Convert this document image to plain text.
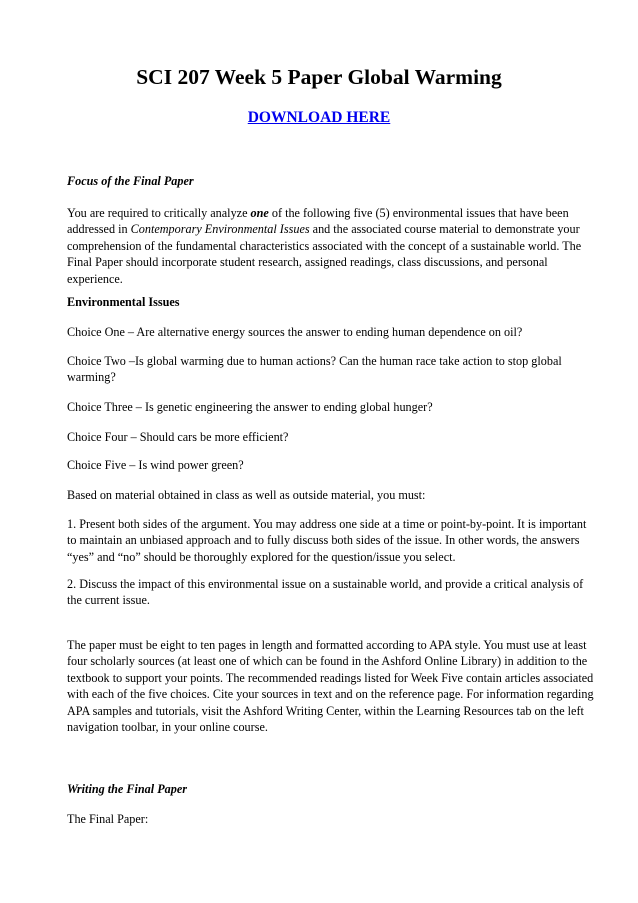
SCI 207 Week 5 Paper Global Warming
DOWNLOAD HERE

Focus of the Final Paper

You are required to critically analyze one of the following five (5) environmental issues that have been addressed in Contemporary Environmental Issues and the associated course material to demonstrate your comprehension of the fundamental characteristics associated with the concept of a sustainable world. The Final Paper should incorporate student research, assigned readings, class discussions, and personal experience.

Environmental Issues

Choice One – Are alternative energy sources the answer to ending human dependence on oil?

Choice Two –Is global warming due to human actions? Can the human race take action to stop global warming?

Choice Three – Is genetic engineering the answer to ending global hunger?

Choice Four – Should cars be more efficient?

Choice Five – Is wind power green?

Based on material obtained in class as well as outside material, you must:

1. Present both sides of the argument. You may address one side at a time or point-by-point. It is important to maintain an unbiased approach and to fully discuss both sides of the issue. In other words, the answers “yes” and “no” should be thoroughly explored for the question/issue you select.

2. Discuss the impact of this environmental issue on a sustainable world, and provide a critical analysis of the current issue.

The paper must be eight to ten pages in length and formatted according to APA style. You must use at least four scholarly sources (at least one of which can be found in the Ashford Online Library) in addition to the textbook to support your points. The recommended readings listed for Week Five contain articles associated with each of the five choices. Cite your sources in text and on the reference page. For information regarding APA samples and tutorials, visit the Ashford Writing Center, within the Learning Resources tab on the left navigation toolbar, in your online course.

Writing the Final Paper

The Final Paper:
